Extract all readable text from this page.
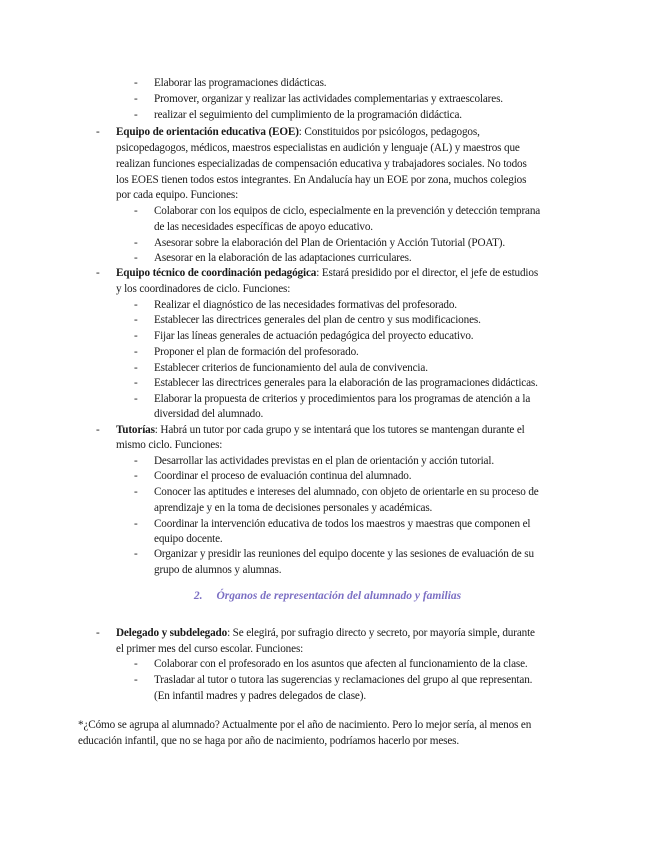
- Elaborar las programaciones didácticas.
- Promover, organizar y realizar las actividades complementarias y extraescolares.
- realizar el seguimiento del cumplimiento de la programación didáctica.
- Equipo de orientación educativa (EOE): Constituidos por psicólogos, pedagogos,
psicopedagogos, médicos, maestros especialistas en audición y lenguaje (AL) y maestros que
realizan funciones especializadas de compensación educativa y trabajadores sociales. No todos
los EOES tienen todos estos integrantes. En Andalucía hay un EOE por zona, muchos colegios
por cada equipo. Funciones:
- Colaborar con los equipos de ciclo, especialmente en la prevención y detección temprana
de las necesidades específicas de apoyo educativo.
- Asesorar sobre la elaboración del Plan de Orientación y Acción Tutorial (POAT).
- Asesorar en la elaboración de las adaptaciones curriculares.
- Equipo técnico de coordinación pedagógica: Estará presidido por el director, el jefe de estudios
y los coordinadores de ciclo. Funciones:
- Realizar el diagnóstico de las necesidades formativas del profesorado.
- Establecer las directrices generales del plan de centro y sus modificaciones.
- Fijar las líneas generales de actuación pedagógica del proyecto educativo.
- Proponer el plan de formación del profesorado.
- Establecer criterios de funcionamiento del aula de convivencia.
- Establecer las directrices generales para la elaboración de las programaciones didácticas.
- Elaborar la propuesta de criterios y procedimientos para los programas de atención a la
diversidad del alumnado.
- Tutorías: Habrá un tutor por cada grupo y se intentará que los tutores se mantengan durante el
mismo ciclo. Funciones:
- Desarrollar las actividades previstas en el plan de orientación y acción tutorial.
- Coordinar el proceso de evaluación continua del alumnado.
- Conocer las aptitudes e intereses del alumnado, con objeto de orientarle en su proceso de
aprendizaje y en la toma de decisiones personales y académicas.
- Coordinar la intervención educativa de todos los maestros y maestras que componen el
equipo docente.
- Organizar y presidir las reuniones del equipo docente y las sesiones de evaluación de su
grupo de alumnos y alumnas.
2. Órganos de representación del alumnado y familias
- Delegado y subdelegado: Se elegirá, por sufragio directo y secreto, por mayoría simple, durante
el primer mes del curso escolar. Funciones:
- Colaborar con el profesorado en los asuntos que afecten al funcionamiento de la clase.
- Trasladar al tutor o tutora las sugerencias y reclamaciones del grupo al que representan.
(En infantil madres y padres delegados de clase).
*¿Cómo se agrupa al alumnado? Actualmente por el año de nacimiento. Pero lo mejor sería, al menos en
educación infantil, que no se haga por año de nacimiento, podríamos hacerlo por meses.
